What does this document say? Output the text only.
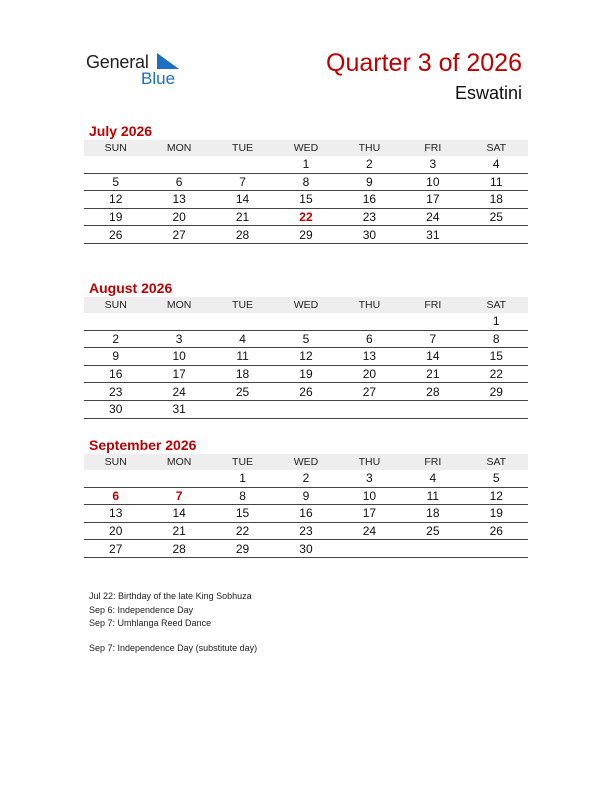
General
Blue
Quarter 3 of 2026
Eswatini
July 2026
SUN	MON	TUE	WED	THU	FRI	SAT
			1	2	3	4
5	6	7	8	9	10	11
12	13	14	15	16	17	18
19	20	21	22	23	24	25
26	27	28	29	30	31	
August 2026
SUN	MON	TUE	WED	THU	FRI	SAT
						1
2	3	4	5	6	7	8
9	10	11	12	13	14	15
16	17	18	19	20	21	22
23	24	25	26	27	28	29
30	31					
September 2026
SUN	MON	TUE	WED	THU	FRI	SAT
		1	2	3	4	5
6	7	8	9	10	11	12
13	14	15	16	17	18	19
20	21	22	23	24	25	26
27	28	29	30			
Jul 22: Birthday of the late King Sobhuza
Sep 6: Independence Day
Sep 7: Umhlanga Reed Dance
Sep 7: Independence Day (substitute day)
